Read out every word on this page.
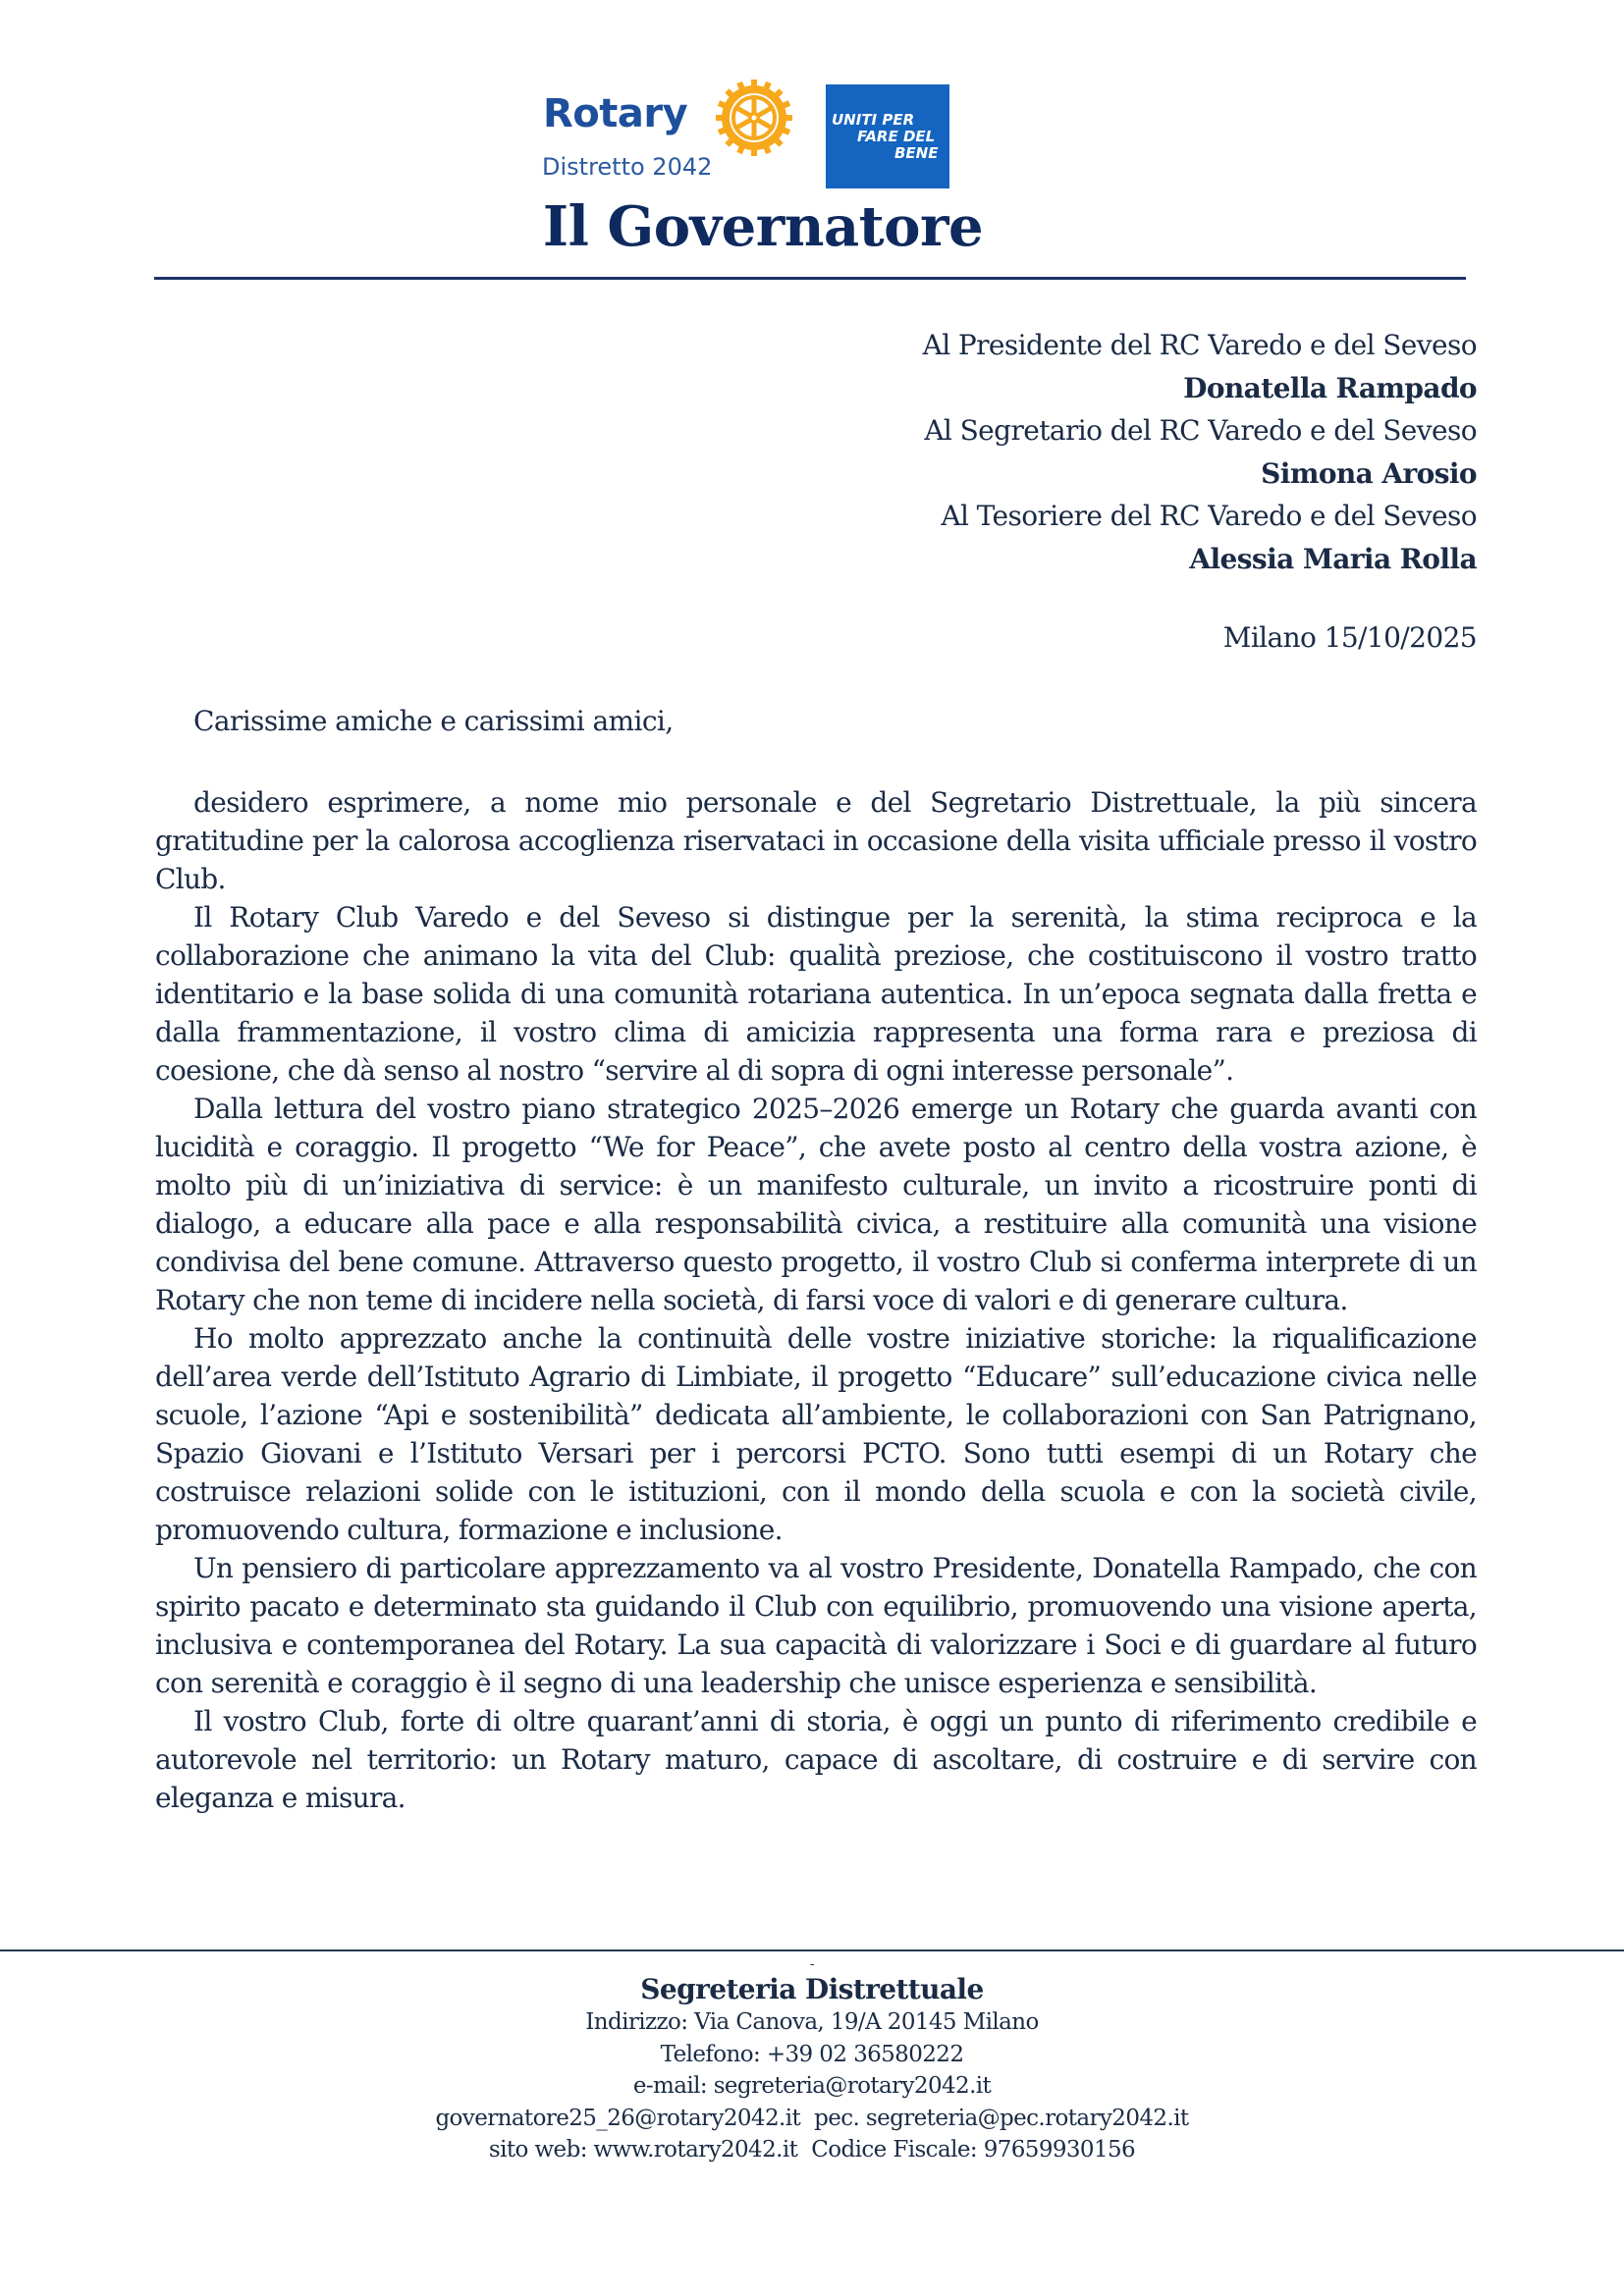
Rotary
Distretto 2042
UNITI PER
FARE DEL
BENE
Il Governatore
Al Presidente del RC Varedo e del Seveso
Donatella Rampado
Al Segretario del RC Varedo e del Seveso
Simona Arosio
Al Tesoriere del RC Varedo e del Seveso
Alessia Maria Rolla
Milano 15/10/2025
Carissime amiche e carissimi amici,

desidero esprimere, a nome mio personale e del Segretario Distrettuale, la più sincera gratitudine per la calorosa accoglienza riservataci in occasione della visita ufficiale presso il vostro Club.

Il Rotary Club Varedo e del Seveso si distingue per la serenità, la stima reciproca e la collaborazione che animano la vita del Club: qualità preziose, che costituiscono il vostro tratto identitario e la base solida di una comunità rotariana autentica. In un’epoca segnata dalla fretta e dalla frammentazione, il vostro clima di amicizia rappresenta una forma rara e preziosa di coesione, che dà senso al nostro “servire al di sopra di ogni interesse personale”.

Dalla lettura del vostro piano strategico 2025–2026 emerge un Rotary che guarda avanti con lucidità e coraggio. Il progetto “We for Peace”, che avete posto al centro della vostra azione, è molto più di un’iniziativa di service: è un manifesto culturale, un invito a ricostruire ponti di dialogo, a educare alla pace e alla responsabilità civica, a restituire alla comunità una visione condivisa del bene comune. Attraverso questo progetto, il vostro Club si conferma interprete di un Rotary che non teme di incidere nella società, di farsi voce di valori e di generare cultura.

Ho molto apprezzato anche la continuità delle vostre iniziative storiche: la riqualificazione dell’area verde dell’Istituto Agrario di Limbiate, il progetto “Educare” sull’educazione civica nelle scuole, l’azione “Api e sostenibilità” dedicata all’ambiente, le collaborazioni con San Patrignano, Spazio Giovani e l’Istituto Versari per i percorsi PCTO. Sono tutti esempi di un Rotary che costruisce relazioni solide con le istituzioni, con il mondo della scuola e con la società civile, promuovendo cultura, formazione e inclusione.

Un pensiero di particolare apprezzamento va al vostro Presidente, Donatella Rampado, che con spirito pacato e determinato sta guidando il Club con equilibrio, promuovendo una visione aperta, inclusiva e contemporanea del Rotary. La sua capacità di valorizzare i Soci e di guardare al futuro con serenità e coraggio è il segno di una leadership che unisce esperienza e sensibilità.

Il vostro Club, forte di oltre quarant’anni di storia, è oggi un punto di riferimento credibile e autorevole nel territorio: un Rotary maturo, capace di ascoltare, di costruire e di servire con eleganza e misura.

-
Segreteria Distrettuale
Indirizzo: Via Canova, 19/A 20145 Milano
Telefono: +39 02 36580222
e-mail: segreteria@rotary2042.it
governatore25_26@rotary2042.it pec. segreteria@pec.rotary2042.it
sito web: www.rotary2042.it Codice Fiscale: 97659930156
